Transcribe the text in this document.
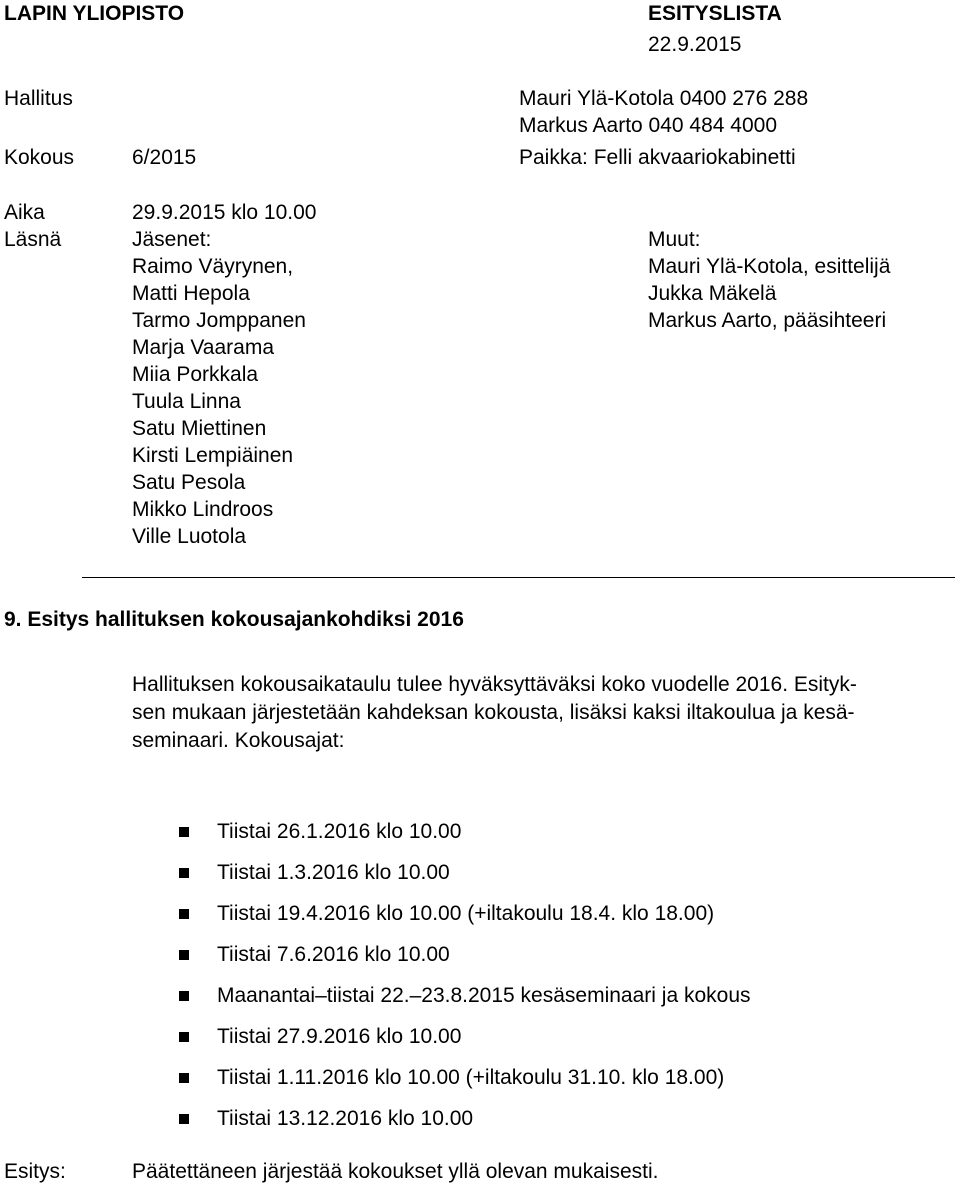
LAPIN YLIOPISTO	ESITYSLISTA
22.9.2015
Hallitus	Mauri Ylä-Kotola 0400 276 288
Markus Aarto 040 484 4000
Kokous	6/2015	Paikka: Felli akvaariokabinetti
Aika	29.9.2015 klo 10.00
Läsnä	Jäsenet:
Raimo Väyrynen,
Matti Hepola
Tarmo Jomppanen
Marja Vaarama
Miia Porkkala
Tuula Linna
Satu Miettinen
Kirsti Lempiäinen
Satu Pesola
Mikko Lindroos
Ville Luotola
Muut:
Mauri Ylä-Kotola, esittelijä
Jukka Mäkelä
Markus Aarto, pääsihteeri
9. Esitys hallituksen kokousajankohdiksi 2016
Hallituksen kokousaikataulu tulee hyväksyttäväksi koko vuodelle 2016. Esityk-
sen mukaan järjestetään kahdeksan kokousta, lisäksi kaksi iltakoulua ja kesä-
seminaari. Kokousajat:
Tiistai 26.1.2016 klo 10.00
Tiistai 1.3.2016 klo 10.00
Tiistai 19.4.2016 klo 10.00 (+iltakoulu 18.4. klo 18.00)
Tiistai 7.6.2016 klo 10.00
Maanantai–tiistai 22.–23.8.2015 kesäseminaari ja kokous
Tiistai 27.9.2016 klo 10.00
Tiistai 1.11.2016 klo 10.00 (+iltakoulu 31.10. klo 18.00)
Tiistai 13.12.2016 klo 10.00
Esitys:	Päätettäneen järjestää kokoukset yllä olevan mukaisesti.
